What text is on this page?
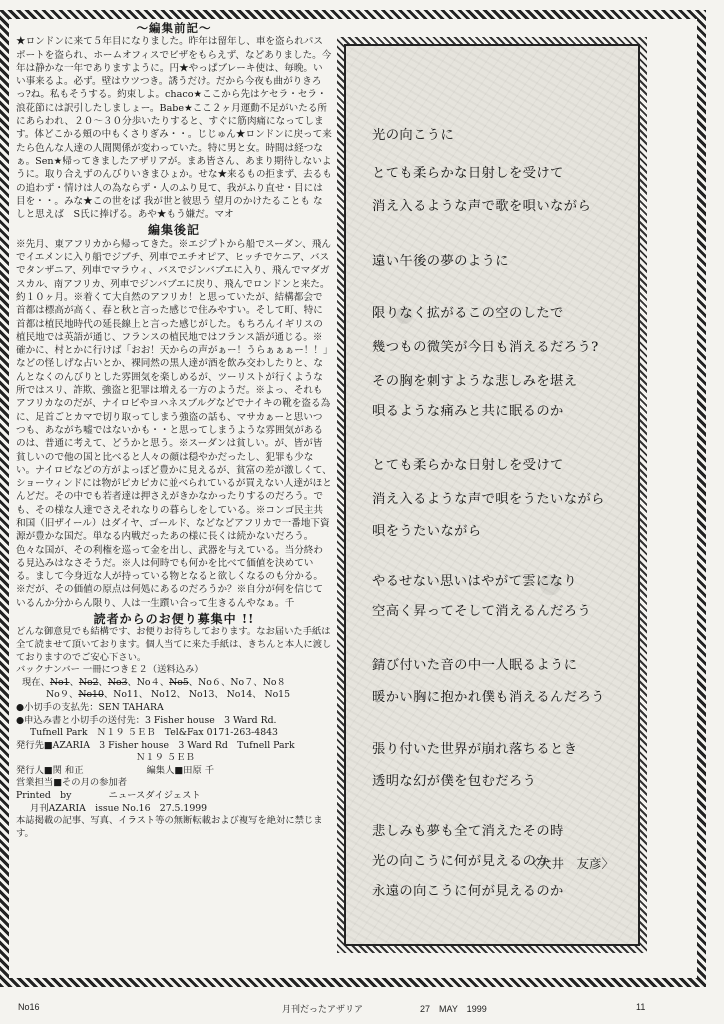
〜編集前記〜

★ロンドンに来て５年目になりました。昨年は留年し、車を盗られパスポートを盗られ、ホームオフィスでビザをもらえず、などありました。今年は静かな一年でありますように。円★やっぱブレーキ使は、毎晩。いい事来るよ。必ず。壁はウツつき。誘うだけ。だから今夜も曲がりきろっ?ね。私もそうする。約束しよ。chaco★ここから先はケセラ・セラ・浪花節には訳引したしましょー。Babe★ここ２ヶ月運動不足がいたる所にあらわれ、２０〜３０分歩いたりすると、すぐに筋肉痛になってします。体どこかる頬の中もくさりぎみ・・。じじゅん★ロンドンに戻って来たら色んな人達の人間関係が変わっていた。特に男と女。時間は経つなぁ。Sen★帰ってきましたアザリアが。まあ皆さん、あまり期待しないように。取り合えずのんびりいきまひょか。せな★来るもの拒まず、去るもの追わず・情けは人の為ならず・人のふり見て、我がふり直せ・目には目を・・。みな★この世をば 我が世と彼思う 望月のかけたることも なしと思えば　S氏に捧げる。あや★もう嫌だ。マオ

編集後記

※先月、東アフリカから帰ってきた。※エジプトから船でスーダン、飛んでイエメンに入り船でジブチ、列車でエチオピア、ヒッチでケニア、バスでタンザニア、列車でマラウィ、バスでジンバブエに入り、飛んでマダガスカル、南アフリカ、列車でジンバブエに戻り、飛んでロンドンと来た。約１０ヶ月。※着くて大自然のアフリカ！と思っていたが、結構都会で首都は標高が高く、春と秋と言った感じで住みやすい。そして町、特に首都は植民地時代の延長線上と言った感じがした。もちろんイギリスの植民地では英語が通じ、フランスの植民地ではフランス語が通じる。※確かに、村とかに行けば「おお！天からの声がぁー！うらぁぁぁー！！」などの怪しげな占いとか、裸同然の黒人達が酒を飲み交わしたりと、なんとなくのんびりとした雰囲気を楽しめるが、ツーリストが行くような所ではスリ、詐欺、強盗と犯罪は増える一方のようだ。※よっ、それもアフリカなのだが、ナイロビやヨハネスブルグなどでナイキの靴を盗る為に、足首ごとカマで切り取ってしまう強盗の話も、マサカぁーと思いつつも、あながち嘘ではないかも・・と思ってしまうような雰囲気があるのは、普通に考えて、どうかと思う。※スーダンは貧しい。が、皆が皆貧しいので他の国と比べると人々の顔は穏やかだったし、犯罪も少ない。ナイロビなどの方がよっぽど豊かに見えるが、貧富の差が激しくて、ショーウィンドには物がピカピカに並べられているが買えない人達がほとんどだ。その中でも若者達は押さえがきかなかったりするのだろう。でも、その様な人達でさえそれなりの暮らしをしている。※コンゴ民主共和国（旧ザイール）はダイヤ、ゴールド、などなどアフリカで一番地下資源が豊かな国だ。単なる内戦だったあの様に長くは続かないだろう。色々な国が、その利権を巡って金を出し、武器を与えている。当分終わる見込みはなさそうだ。※人は何時でも何かを比べて価値を決めている。まして今身近な人が持っている物となると欲しくなるのも分かる。※だが、その価値の原点は何処にあるのだろうか？※自分が何を信じているんか分からん限り、人は一生躓い合って生きるんやなぁ。千

読者からのお便り募集中 !!

どんな御意見でも結構です、お便りお待ちしております。なお届いた手紙は全て読ませて頂いております。個人当てに来た手紙は、きちんと本人に渡しておりますのでご安心下さい。

バックナンバー 一冊につき￡２（送料込み）

現在、No1、No2、No3、No４、No5、No６、No７、No８

No９、No10、No11、 No12、 No13、 No14、 No15

●小切手の支払先：SEN TAHARA

●申込み書と小切手の送付先：3 Fisher house　3 Ward Rd.

Tufnell Park　Ｎ１９ ５ＥＢ　Tel&Fax 0171-263-4843

発行先■AZARIA　3 Fisher house　3 Ward Rd　Tufnell Park

Ｎ１９ ５ＥＢ

発行人■関 和正	編集人■田原 千

営業担当■その月の参加者

Printed　by　　　　ニュースダイジェスト

月刊AZARIA　issue No.16　27.5.1999

本誌掲載の記事、写真、イラスト等の無断転載および複写を絶対に禁じます。

光の向こうに
とても柔らかな日射しを受けて
消え入るような声で歌を唄いながら
遠い午後の夢のように
限りなく拡がるこの空のしたで
幾つもの微笑が今日も消えるだろう?
その胸を刺すような悲しみを堪え
唄るような痛みと共に眠るのか
とても柔らかな日射しを受けて
消え入るような声で唄をうたいながら
唄をうたいながら
やるせない思いはやがて雲になり
空高く昇ってそして消えるんだろう
錆び付いた音の中一人眠るように
暖かい胸に抱かれ僕も消えるんだろう
張り付いた世界が崩れ落ちるとき
透明な幻が僕を包むだろう
悲しみも夢も全て消えたその時
光の向こうに何が見えるのか
永遠の向こうに何が見えるのか
〈大井　友彦〉
No16	月刊だったアザリア	27　MAY　1999	11
